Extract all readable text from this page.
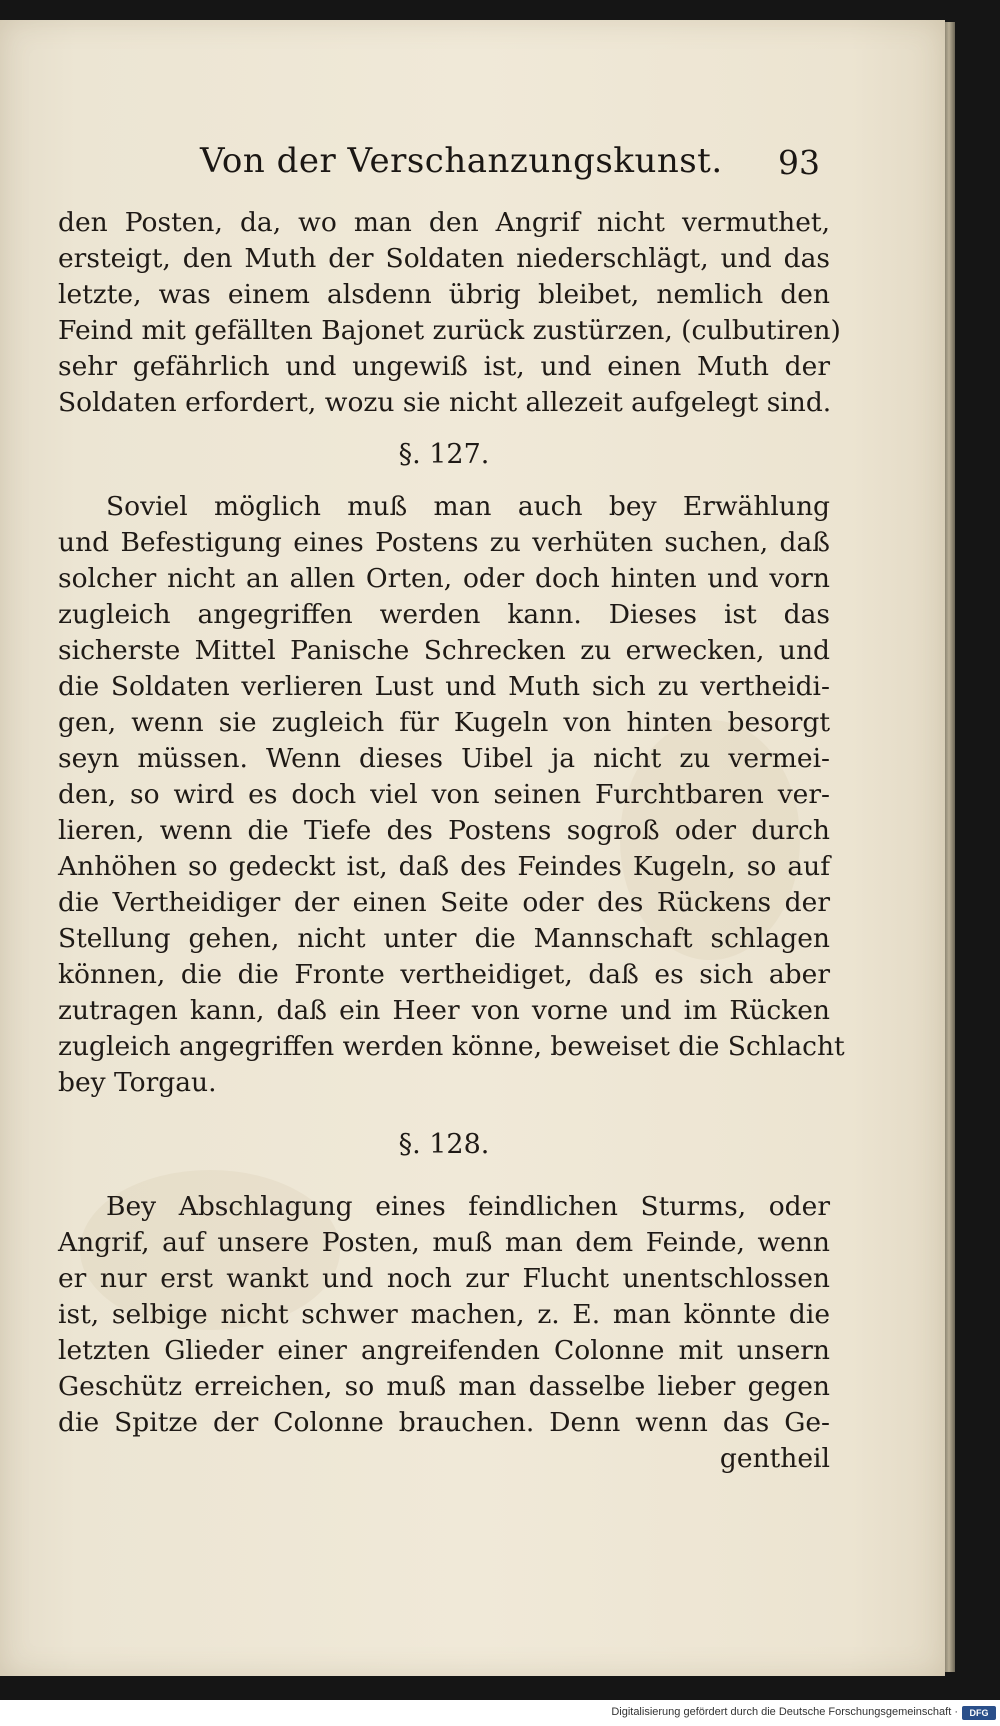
Von der Verschanzungskunst. 93
den Posten, da, wo man den Angrif nicht vermuthet,
ersteigt, den Muth der Soldaten niederschlägt, und das
letzte, was einem alsdenn übrig bleibet, nemlich den
Feind mit gefällten Bajonet zurück zustürzen, (culbutiren)
sehr gefährlich und ungewiß ist, und einen Muth der
Soldaten erfordert, wozu sie nicht allezeit aufgelegt sind.
§. 127.
Soviel möglich muß man auch bey Erwählung
und Befestigung eines Postens zu verhüten suchen, daß
solcher nicht an allen Orten, oder doch hinten und vorn
zugleich angegriffen werden kann. Dieses ist das
sicherste Mittel Panische Schrecken zu erwecken, und
die Soldaten verlieren Lust und Muth sich zu vertheidi-
gen, wenn sie zugleich für Kugeln von hinten besorgt
seyn müssen. Wenn dieses Uibel ja nicht zu vermei-
den, so wird es doch viel von seinen Furchtbaren ver-
lieren, wenn die Tiefe des Postens sogroß oder durch
Anhöhen so gedeckt ist, daß des Feindes Kugeln, so auf
die Vertheidiger der einen Seite oder des Rückens der
Stellung gehen, nicht unter die Mannschaft schlagen
können, die die Fronte vertheidiget, daß es sich aber
zutragen kann, daß ein Heer von vorne und im Rücken
zugleich angegriffen werden könne, beweiset die Schlacht
bey Torgau.
§. 128.
Bey Abschlagung eines feindlichen Sturms, oder
Angrif, auf unsere Posten, muß man dem Feinde, wenn
er nur erst wankt und noch zur Flucht unentschlossen
ist, selbige nicht schwer machen, z. E. man könnte die
letzten Glieder einer angreifenden Colonne mit unsern
Geschütz erreichen, so muß man dasselbe lieber gegen
die Spitze der Colonne brauchen. Denn wenn das Ge-
gentheil
Digitalisierung gefördert durch die Deutsche Forschungsgemeinschaft ·	DFG
